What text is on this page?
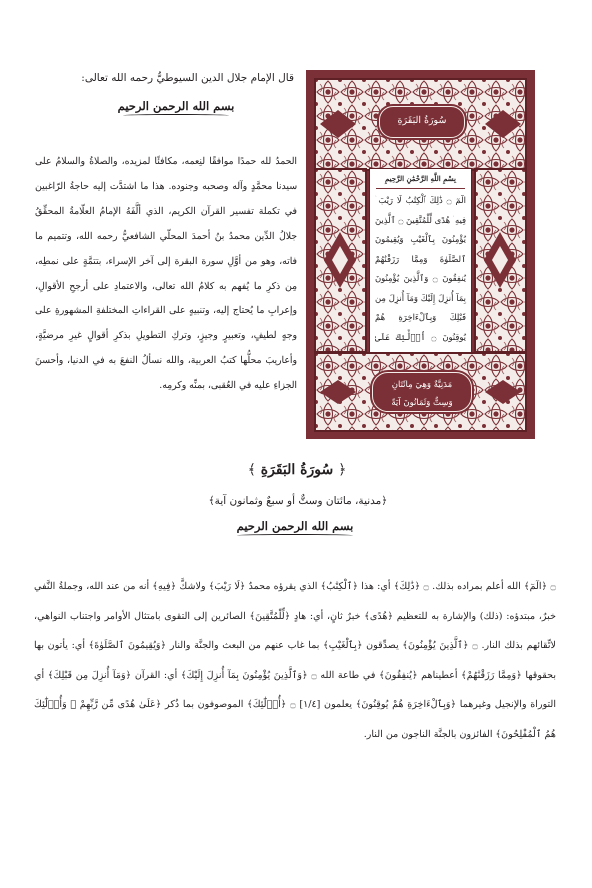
قال الإمام جلال الدين السيوطيُّ رحمه الله تعالى:
بسم الله الرحمن الرحيم
الحمدُ لله حمدًا موافقًا لنِعمه، مكافئًا لمزيده، والصلاةُ والسلامُ على سيدنا محمَّدٍ وآله وصحبه وجنوده. هذا ما اشتدَّت إليه حاجةُ الرّاغبين في تكملة تفسير القرآن الكريم، الذي ألَّفَهُ الإمامُ العلّامةُ المحقِّقُ جلالُ الدِّين محمدُ بنُ أحمدَ المحلّي الشافعيُّ رحمه الله، وتتميم ما فاته، وهو من أوَّلِ سورة البقرة إلى آخر الإسراء، بتتمَّةٍ على نمطِه، مِن ذكرِ ما يُفهم به كلامُ الله تعالى، والاعتمادِ على أرجحِ الأقوالِ، وإعرابِ ما يُحتاج إليه، وتنبيهٍ على القراءاتِ المختلفةِ المشهورةِ على وجهٍ لطيفٍ، وتعبيرٍ وجيزٍ، وتركِ التطويلِ بذكرِ أقوالٍ غيرِ مرضيَّةٍ، وأعاريبَ محلُّها كتبُ العربية، والله نسألُ النفعَ به في الدنيا، وأحسنَ الجزاءِ عليه في العُقبى، بمنِّه وكرمِه.
سُورَةُ البَقَرَةِ
بِسْمِ اللَّهِ الرَّحْمَٰنِ الرَّحِيمِ
الٓمٓ ۝ ذَٰلِكَ ٱلْكِتَٰبُ لَا رَيْبَ ۛ فِيهِ ۛ هُدًى لِّلْمُتَّقِينَ ۝ ٱلَّذِينَ يُؤْمِنُونَ بِٱلْغَيْبِ وَيُقِيمُونَ ٱلصَّلَوٰةَ وَمِمَّا رَزَقْنَٰهُمْ يُنفِقُونَ ۝ وَٱلَّذِينَ يُؤْمِنُونَ بِمَآ أُنزِلَ إِلَيْكَ وَمَآ أُنزِلَ مِن قَبْلِكَ وَبِٱلْءَاخِرَةِ هُمْ يُوقِنُونَ ۝ أُو۟لَٰٓئِكَ عَلَىٰ
مَدَنِيَّةٌ وَهِيَ مِائَتَانِ
وَسِتٌّ وَثَمَانُونَ آيَةً
﴿ سُورَةُ البَقَرَةِ ﴾
﴿مدنية، مائتان وستٌّ أو سبعٌ وثمانون آية﴾
بسم الله الرحمن الرحيم
۝ ﴿الٓمٓ﴾ الله أعلم بمراده بذلك. ۝ ﴿ذَٰلِكَ﴾ أي: هذا ﴿ٱلْكِتَٰبُ﴾ الذي يقرؤه محمدٌ ﴿لَا رَيْبَ﴾ ولاشكَّ ﴿فِيهِ﴾ أنه من عند الله، وجملةُ النَّفي خبرٌ، مبتدؤه: (ذلك) والإشارة به للتعظيم ﴿هُدًى﴾ خبرٌ ثانٍ، أي: هادٍ ﴿لِّلْمُتَّقِينَ﴾ الصائرين إلى التقوى بامتثال الأوامر واجتناب النواهي، لاتِّقائهم بذلك النار. ۝ ﴿ٱلَّذِينَ يُؤْمِنُونَ﴾ يصدِّقون ﴿بِٱلْغَيْبِ﴾ بما غاب عنهم من البعث والجنَّة والنار ﴿وَيُقِيمُونَ ٱلصَّلَوٰةَ﴾ أي: يأتون بها بحقوقها ﴿وَمِمَّا رَزَقْنَٰهُمْ﴾ أعطيناهم ﴿يُنفِقُونَ﴾ في طاعة الله ۝ ﴿وَٱلَّذِينَ يُؤْمِنُونَ بِمَآ أُنزِلَ إِلَيْكَ﴾ أي: القرآن ﴿وَمَآ أُنزِلَ مِن قَبْلِكَ﴾ أي التوراة والإنجيل وغيرهما ﴿وَبِٱلْءَاخِرَةِ هُمْ يُوقِنُونَ﴾ يعلمون [١/٤] ۝ ﴿أُو۟لَٰٓئِكَ﴾ الموصوفون بما ذُكر ﴿عَلَىٰ هُدًى مِّن رَّبِّهِمْ ۖ وَأُو۟لَٰٓئِكَ هُمُ ٱلْمُفْلِحُونَ﴾ الفائزون بالجنَّة الناجون من النار.
